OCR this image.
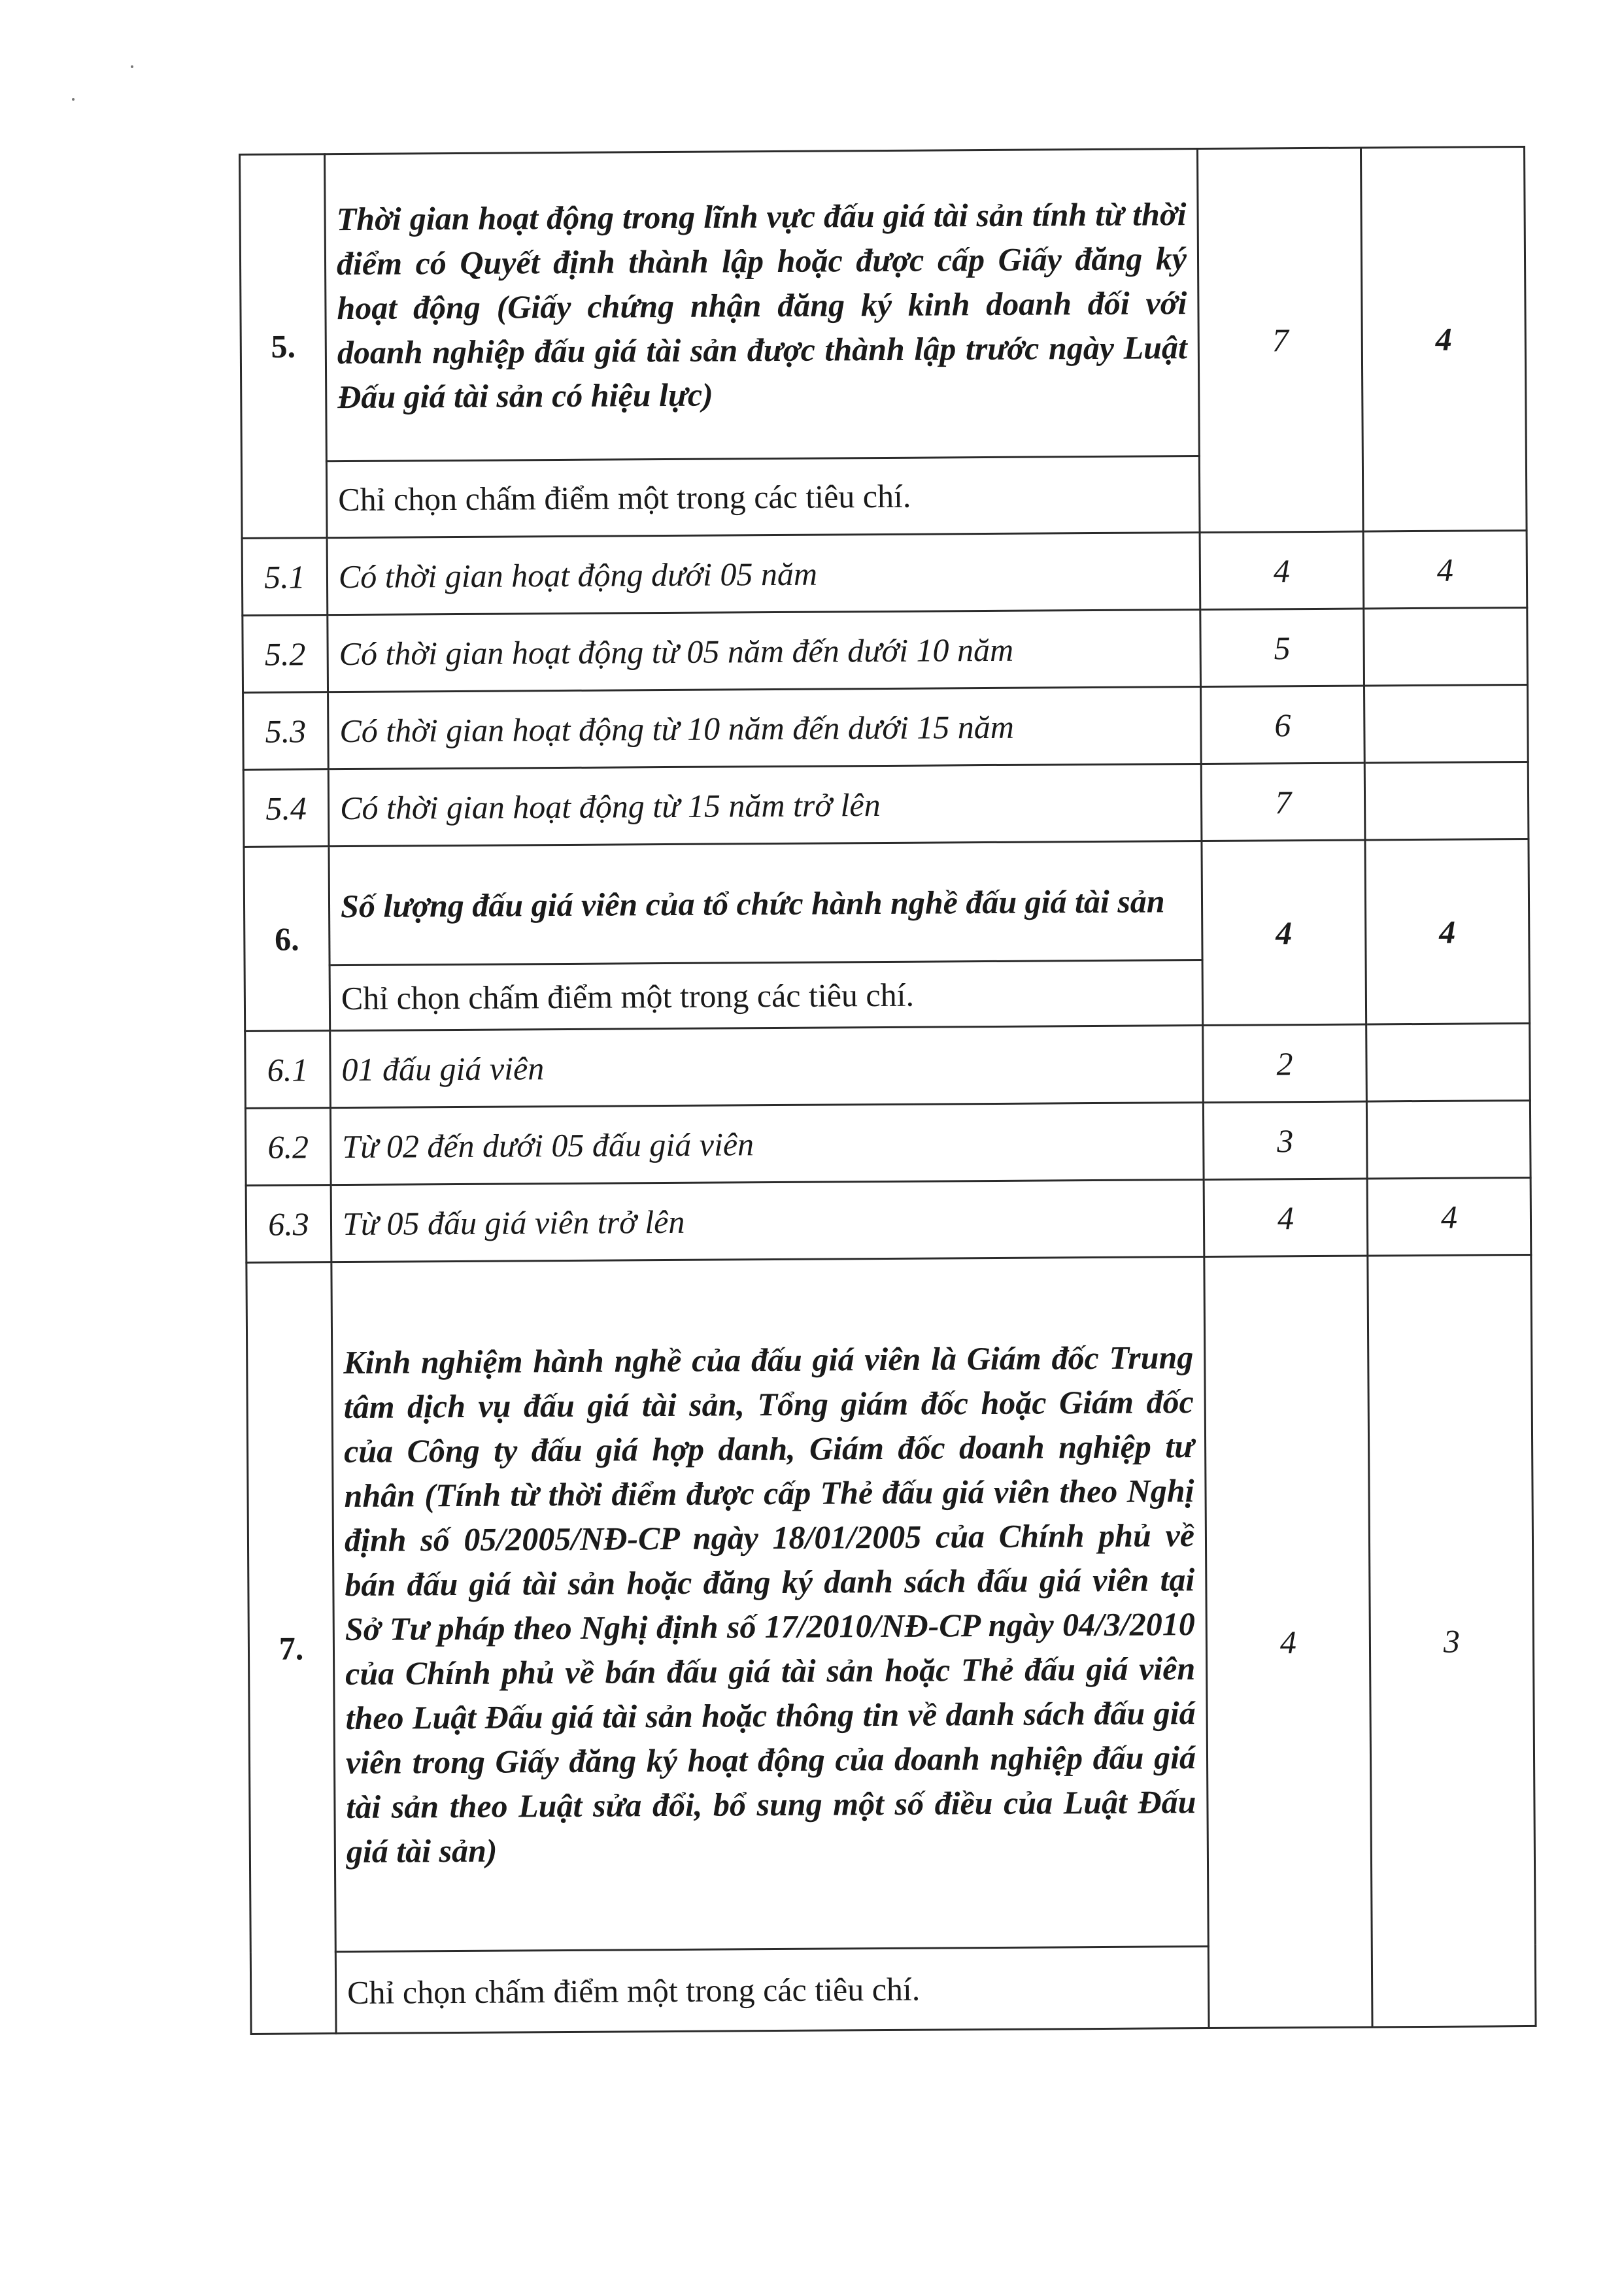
5.	Thời gian hoạt động trong lĩnh vực đấu giá tài sản tính từ thời điểm có Quyết định thành lập hoặc được cấp Giấy đăng ký hoạt động (Giấy chứng nhận đăng ký kinh doanh đối với doanh nghiệp đấu giá tài sản được thành lập trước ngày Luật Đấu giá tài sản có hiệu lực)	7	4
	Chỉ chọn chấm điểm một trong các tiêu chí.		
5.1	Có thời gian hoạt động dưới 05 năm	4	4
5.2	Có thời gian hoạt động từ 05 năm đến dưới 10 năm	5	
5.3	Có thời gian hoạt động từ 10 năm đến dưới 15 năm	6	
5.4	Có thời gian hoạt động từ 15 năm trở lên	7	
6.	Số lượng đấu giá viên của tổ chức hành nghề đấu giá tài sản	4	4
	Chỉ chọn chấm điểm một trong các tiêu chí.		
6.1	01 đấu giá viên	2	
6.2	Từ 02 đến dưới 05 đấu giá viên	3	
6.3	Từ 05 đấu giá viên trở lên	4	4
7.	Kinh nghiệm hành nghề của đấu giá viên là Giám đốc Trung tâm dịch vụ đấu giá tài sản, Tổng giám đốc hoặc Giám đốc của Công ty đấu giá hợp danh, Giám đốc doanh nghiệp tư nhân (Tính từ thời điểm được cấp Thẻ đấu giá viên theo Nghị định số 05/2005/NĐ-CP ngày 18/01/2005 của Chính phủ về bán đấu giá tài sản hoặc đăng ký danh sách đấu giá viên tại Sở Tư pháp theo Nghị định số 17/2010/NĐ-CP ngày 04/3/2010 của Chính phủ về bán đấu giá tài sản hoặc Thẻ đấu giá viên theo Luật Đấu giá tài sản hoặc thông tin về danh sách đấu giá viên trong Giấy đăng ký hoạt động của doanh nghiệp đấu giá tài sản theo Luật sửa đổi, bổ sung một số điều của Luật Đấu giá tài sản)	4	3
	Chỉ chọn chấm điểm một trong các tiêu chí.		
